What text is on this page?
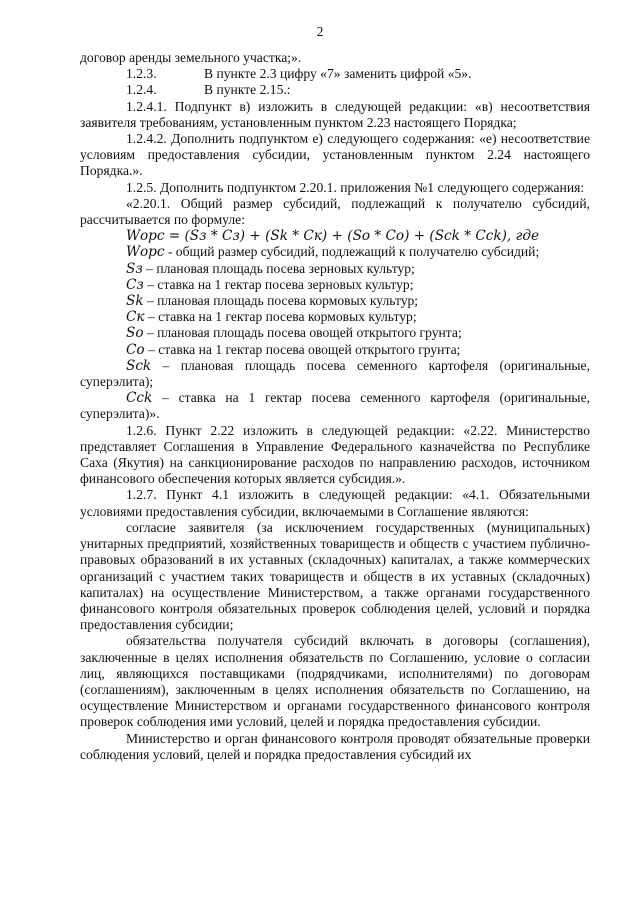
2

договор аренды земельного участка;».

1.2.3.	В пункте 2.3 цифру «7» заменить цифрой «5».

1.2.4.	В пункте 2.15.:

1.2.4.1. Подпункт в) изложить в следующей редакции: «в) несоответствия заявителя требованиям, установленным пунктом 2.23 настоящего Порядка;

1.2.4.2. Дополнить подпунктом е) следующего содержания: «е) несоответствие условиям предоставления субсидии, установленным пунктом 2.24 настоящего Порядка.».

1.2.5. Дополнить подпунктом 2.20.1. приложения №1 следующего содержания:

«2.20.1. Общий размер субсидий, подлежащий к получателю субсидий, рассчитывается по формуле:

Wорс = (Sз * Сз) + (Sk * Ск) + (So * Co) + (Sck * Cck), где

Wорс - общий размер субсидий, подлежащий к получателю субсидий;

Sз – плановая площадь посева зерновых культур;

Сз – ставка на 1 гектар посева зерновых культур;

Sk – плановая площадь посева кормовых культур;

Ск – ставка на 1 гектар посева кормовых культур;

So – плановая площадь посева овощей открытого грунта;

Co – ставка на 1 гектар посева овощей открытого грунта;

Sck – плановая площадь посева семенного картофеля (оригинальные, суперэлита);

Cck – ставка на 1 гектар посева семенного картофеля (оригинальные, суперэлита)».

1.2.6. Пункт 2.22 изложить в следующей редакции: «2.22. Министерство представляет Соглашения в Управление Федерального казначейства по Республике Саха (Якутия) на санкционирование расходов по направлению расходов, источником финансового обеспечения которых является субсидия.».

1.2.7. Пункт 4.1 изложить в следующей редакции: «4.1. Обязательными условиями предоставления субсидии, включаемыми в Соглашение являются:

согласие заявителя (за исключением государственных (муниципальных) унитарных предприятий, хозяйственных товариществ и обществ с участием публично-правовых образований в их уставных (складочных) капиталах, а также коммерческих организаций с участием таких товариществ и обществ в их уставных (складочных) капиталах) на осуществление Министерством, а также органами государственного финансового контроля обязательных проверок соблюдения целей, условий и порядка предоставления субсидии;

обязательства получателя субсидий включать в договоры (соглашения), заключенные в целях исполнения обязательств по Соглашению, условие о согласии лиц, являющихся поставщиками (подрядчиками, исполнителями) по договорам (соглашениям), заключенным в целях исполнения обязательств по Соглашению, на осуществление Министерством и органами государственного финансового контроля проверок соблюдения ими условий, целей и порядка предоставления субсидии.

Министерство и орган финансового контроля проводят обязательные проверки соблюдения условий, целей и порядка предоставления субсидий их
